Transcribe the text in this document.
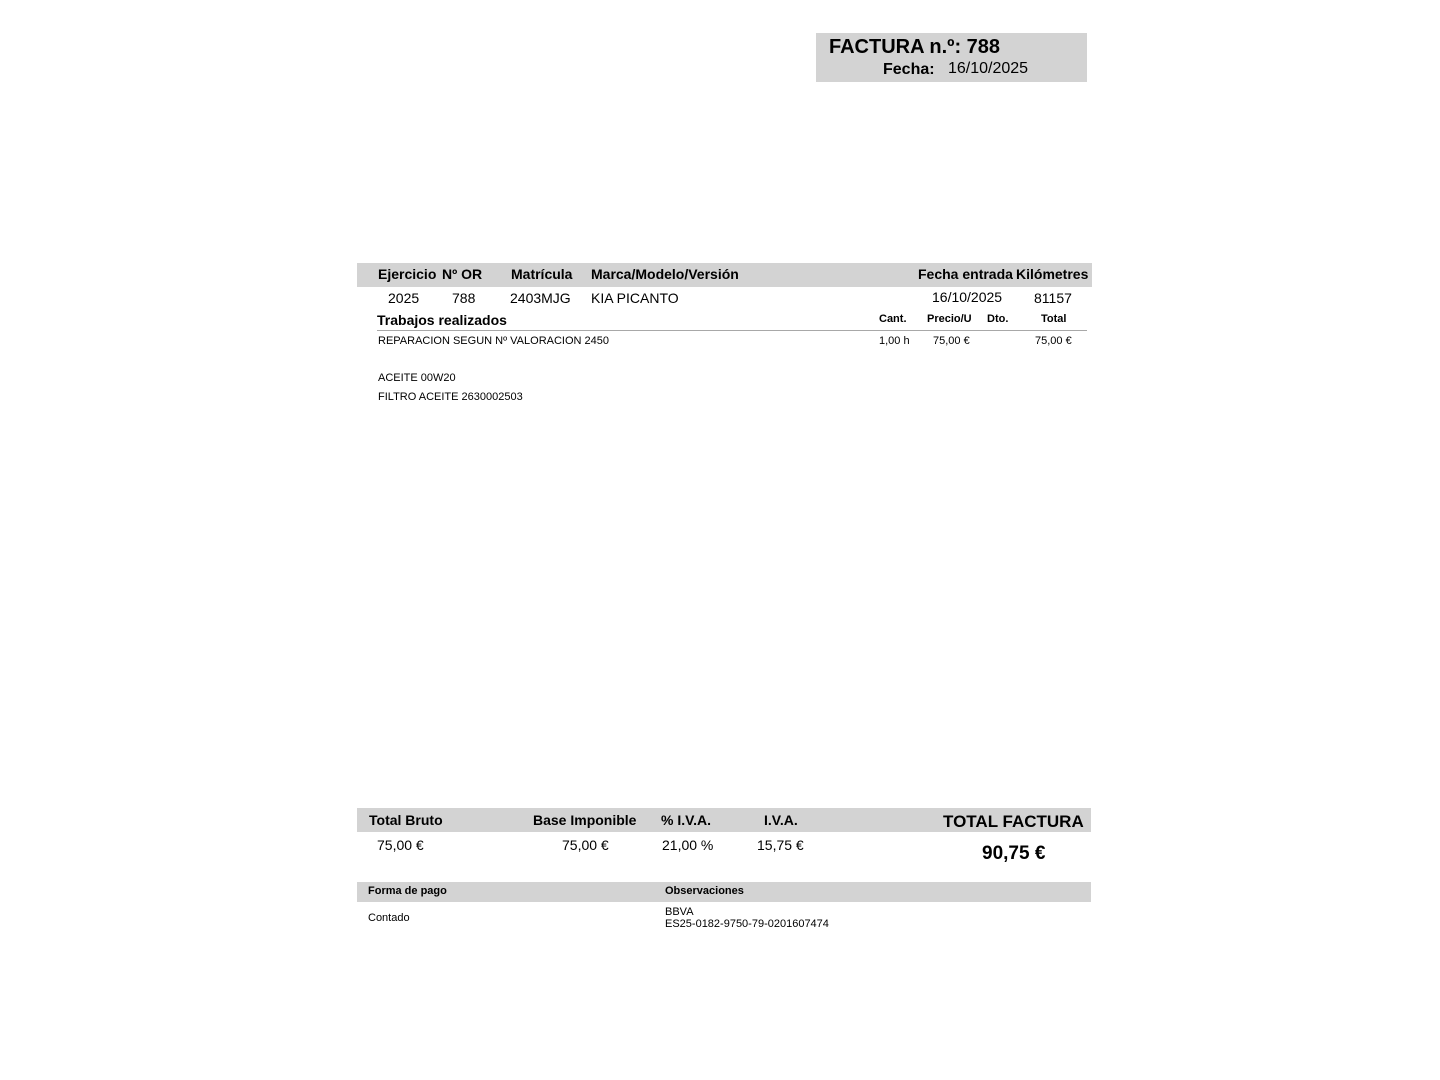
FACTURA n.º: 788
Fecha: 16/10/2025
Ejercicio Nº OR Matrícula Marca/Modelo/Versión	Fecha entrada Kilómetres
2025 788 2403MJG KIA PICANTO	16/10/2025 81157
Trabajos realizados	Cant. Precio/U Dto.	Total
REPARACION SEGUN Nº VALORACION 2450	1,00 h 75,00 €	75,00 €
ACEITE 00W20
FILTRO ACEITE 2630002503
Total Bruto	Base Imponible % I.V.A.	I.V.A.	TOTAL FACTURA
75,00 €	75,00 €	21,00 %	15,75 €	90,75 €
Forma de pago	Observaciones
Contado	BBVA
ES25-0182-9750-79-0201607474
